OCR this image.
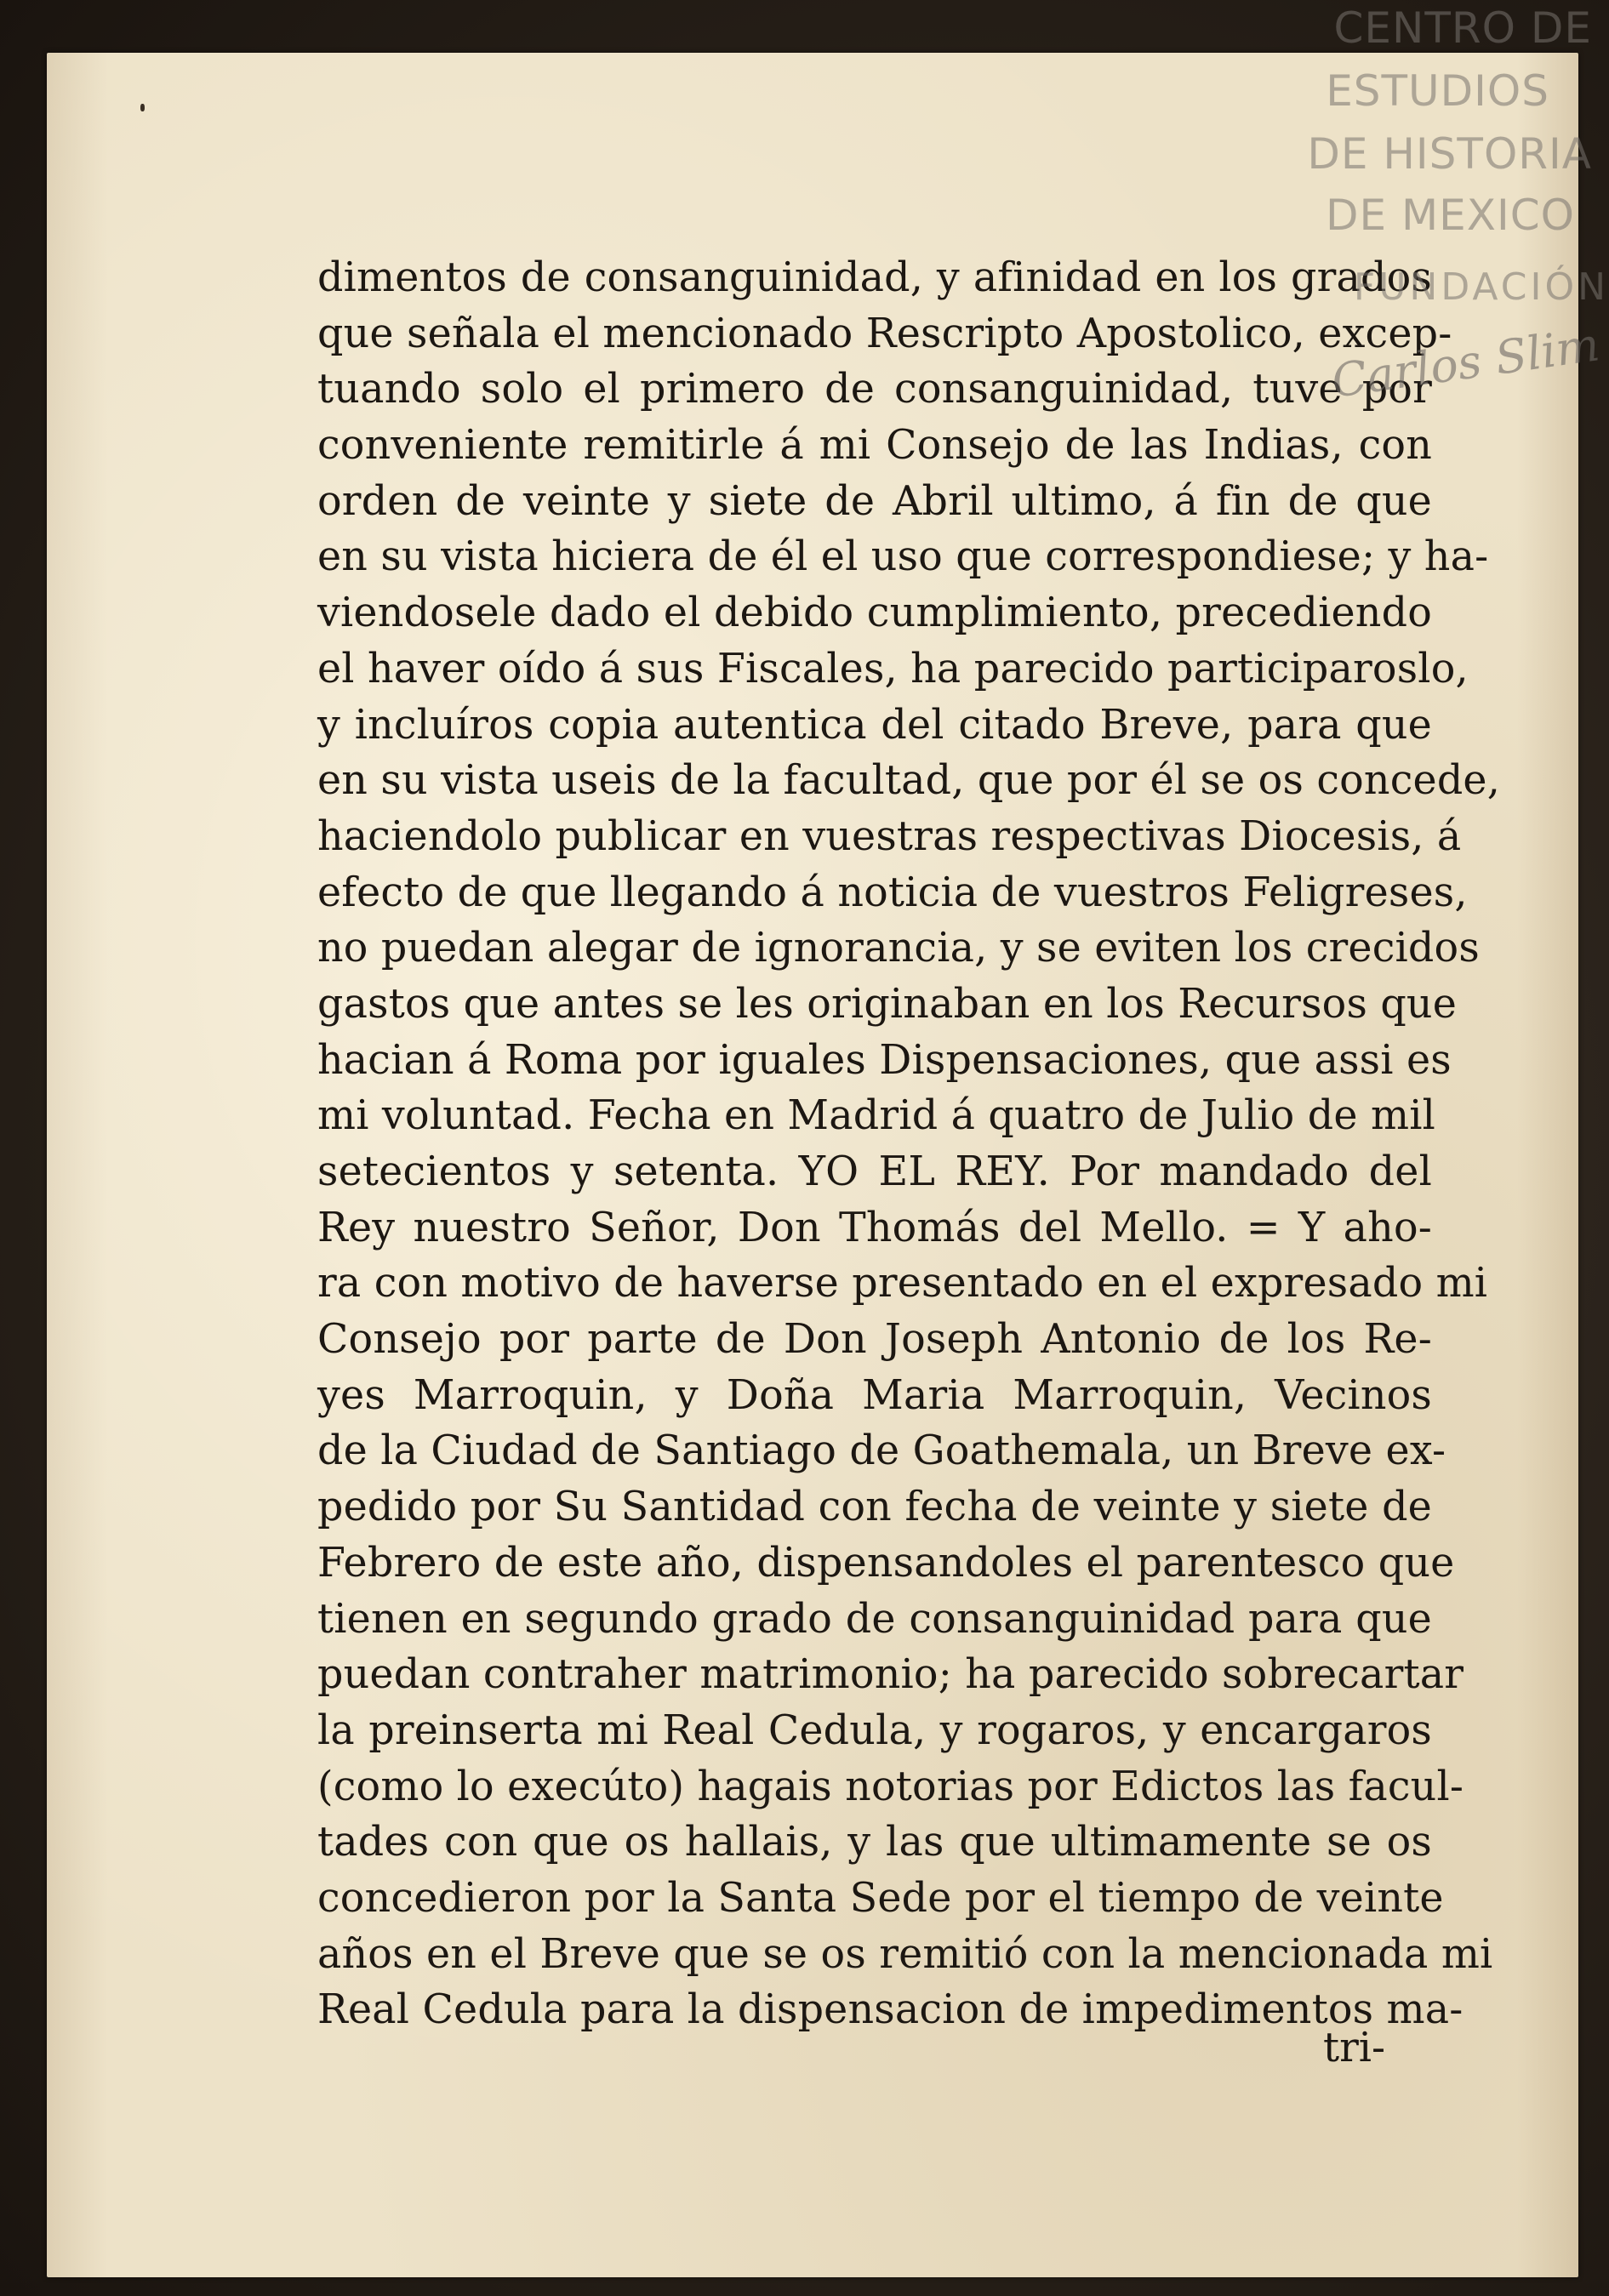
dimentos de consanguinidad, y afinidad en los grados
que señala el mencionado Rescripto Apostolico, excep-
tuando solo el primero de consanguinidad, tuve por
conveniente remitirle á mi Consejo de las Indias, con
orden de veinte y siete de Abril ultimo, á fin de que
en su vista hiciera de él el uso que correspondiese; y ha-
viendosele dado el debido cumplimiento, precediendo
el haver oído á sus Fiscales, ha parecido participaroslo,
y incluíros copia autentica del citado Breve, para que
en su vista useis de la facultad, que por él se os concede,
haciendolo publicar en vuestras respectivas Diocesis, á
efecto de que llegando á noticia de vuestros Feligreses,
no puedan alegar de ignorancia, y se eviten los crecidos
gastos que antes se les originaban en los Recursos que
hacian á Roma por iguales Dispensaciones, que assi es
mi voluntad. Fecha en Madrid á quatro de Julio de mil
setecientos y setenta. YO EL REY. Por mandado del
Rey nuestro Señor, Don Thomás del Mello. = Y aho-
ra con motivo de haverse presentado en el expresado mi
Consejo por parte de Don Joseph Antonio de los Re-
yes Marroquin, y Doña Maria Marroquin, Vecinos
de la Ciudad de Santiago de Goathemala, un Breve ex-
pedido por Su Santidad con fecha de veinte y siete de
Febrero de este año, dispensandoles el parentesco que
tienen en segundo grado de consanguinidad para que
puedan contraher matrimonio; ha parecido sobrecartar
la preinserta mi Real Cedula, y rogaros, y encargaros
(como lo execúto) hagais notorias por Edictos las facul-
tades con que os hallais, y las que ultimamente se os
concedieron por la Santa Sede por el tiempo de veinte
años en el Breve que se os remitió con la mencionada mi
Real Cedula para la dispensacion de impedimentos ma-
tri-
CENTRO DE
ESTUDIOS
DE HISTORIA
DE MEXICO
FUNDACIÓN
Carlos Slim
